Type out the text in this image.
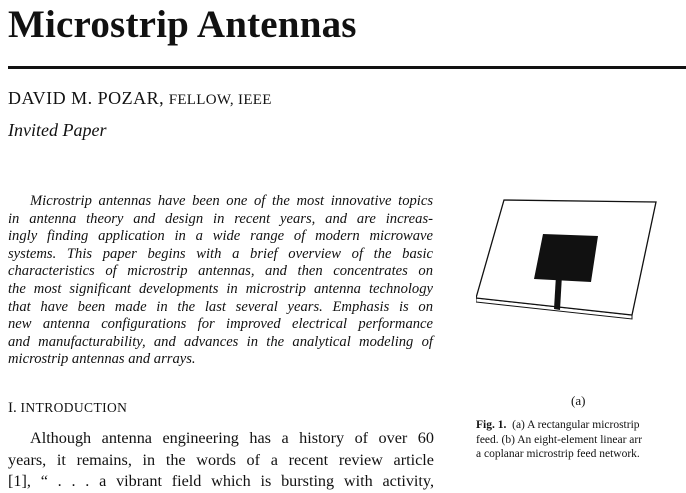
Microstrip Antennas
DAVID M. POZAR, FELLOW, IEEE
Invited Paper
Microstrip antennas have been one of the most innovative topics
in antenna theory and design in recent years, and are increas-
ingly finding application in a wide range of modern microwave
systems. This paper begins with a brief overview of the basic
characteristics of microstrip antennas, and then concentrates on
the most significant developments in microstrip antenna technology
that have been made in the last several years. Emphasis is on
new antenna configurations for improved electrical performance
and manufacturability, and advances in the analytical modeling of
microstrip antennas and arrays.
I. INTRODUCTION
Although antenna engineering has a history of over 60
years, it remains, in the words of a recent review article
[1], “ . . . a vibrant field which is bursting with activity,
(a)
Fig. 1. (a) A rectangular microstrip
feed. (b) An eight-element linear arr
a coplanar microstrip feed network.
